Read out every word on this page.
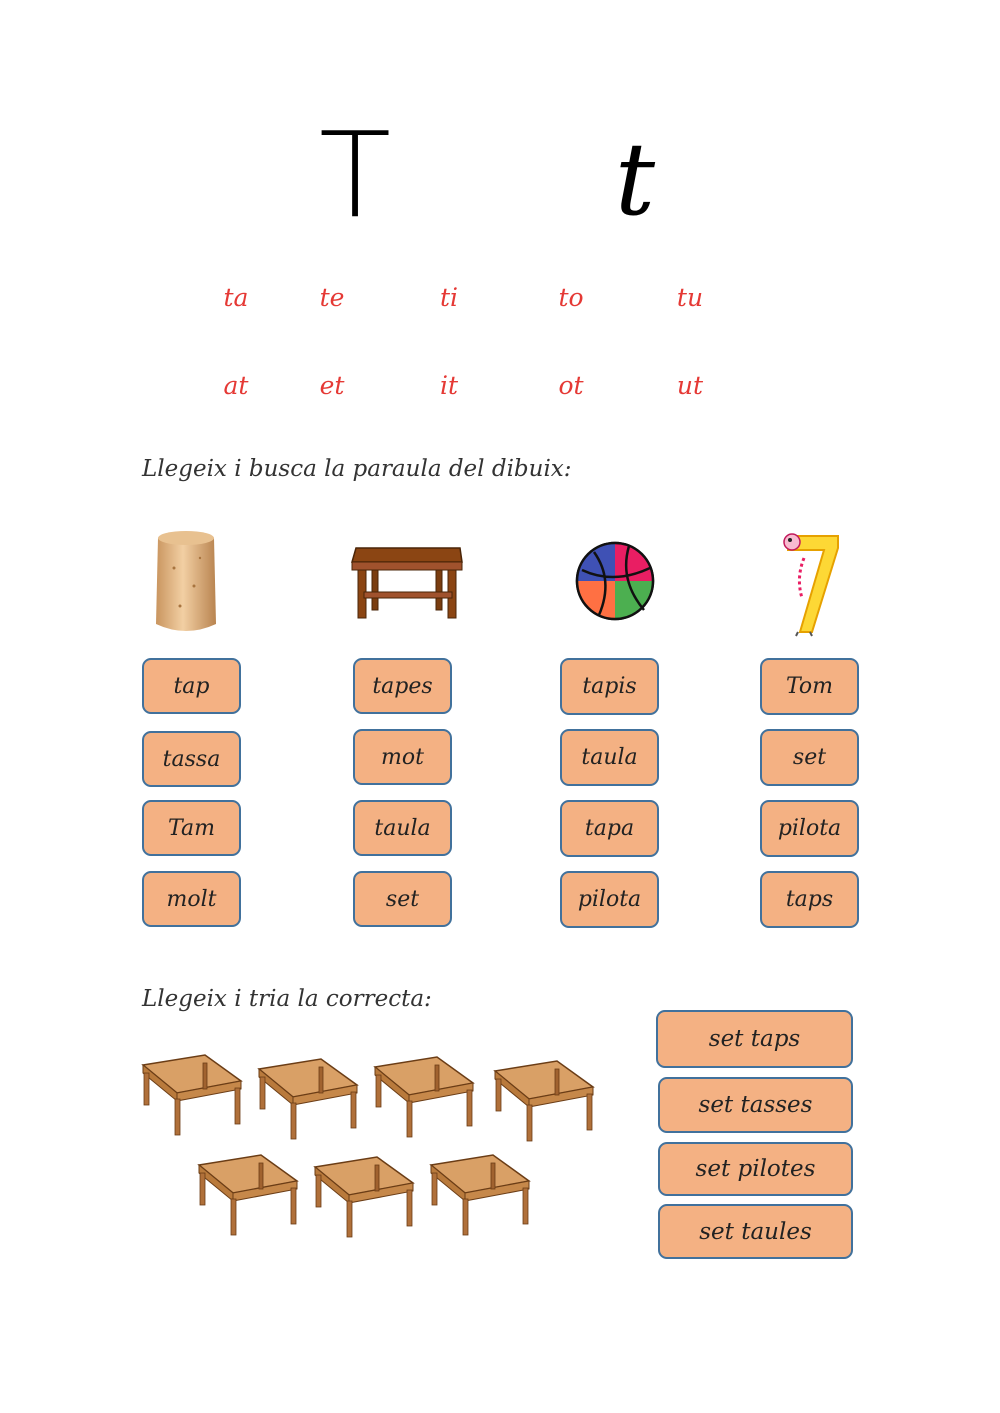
T	t
ta	te	ti	to	tu
at	et	it	ot	ut
Llegeix i busca la paraula del dibuix:
tap
tassa
Tam
molt
tapes
mot
taula
set
tapis
taula
tapa
pilota
Tom
set
pilota
taps
Llegeix i tria la correcta:
set taps
set tasses
set pilotes
set taules
